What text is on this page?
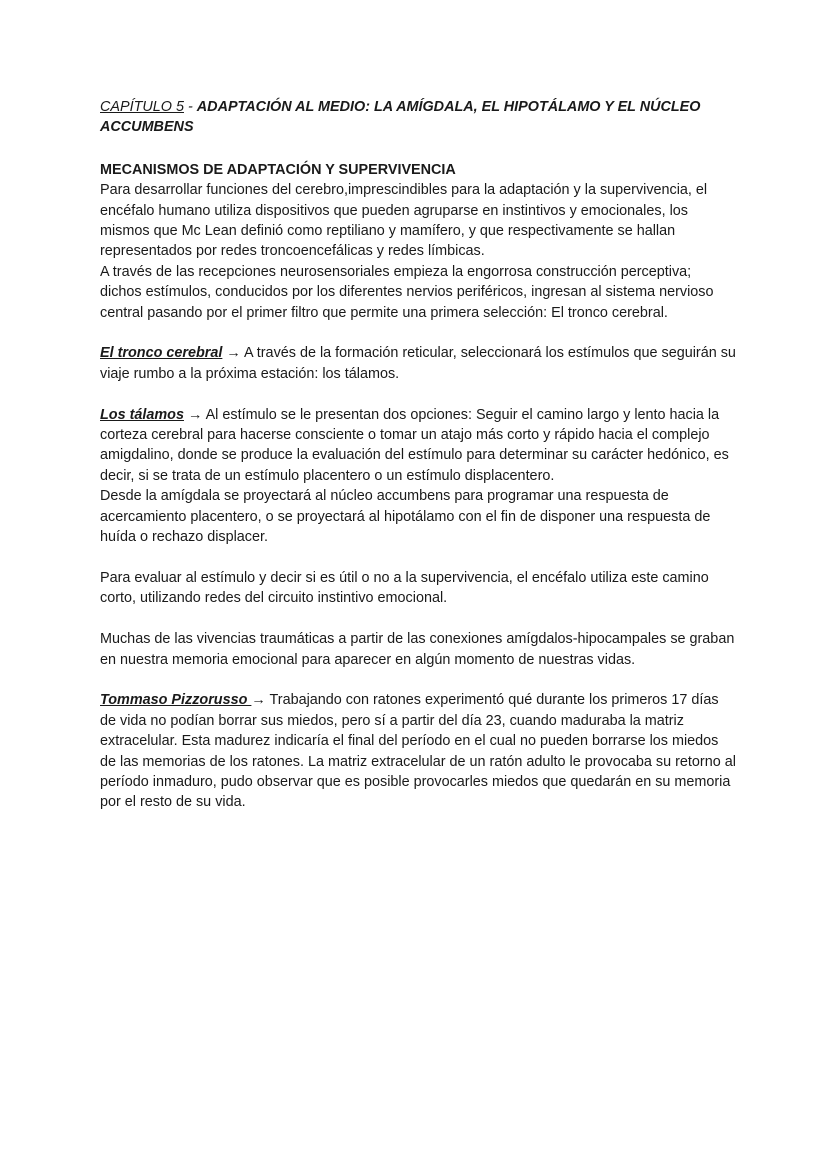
CAPÍTULO 5 - ADAPTACIÓN AL MEDIO: LA AMÍGDALA, EL HIPOTÁLAMO Y EL NÚCLEO ACCUMBENS
MECANISMOS DE ADAPTACIÓN Y SUPERVIVENCIA

Para desarrollar funciones del cerebro,imprescindibles para la adaptación y la supervivencia, el encéfalo humano utiliza dispositivos que pueden agruparse en instintivos y emocionales, los mismos que Mc Lean definió como reptiliano y mamífero, y que respectivamente se hallan representados por redes troncoencefálicas y redes límbicas.

A través de las recepciones neurosensoriales empieza la engorrosa construcción perceptiva; dichos estímulos, conducidos por los diferentes nervios periféricos, ingresan al sistema nervioso central pasando por el primer filtro que permite una primera selección: El tronco cerebral.

El tronco cerebral → A través de la formación reticular, seleccionará los estímulos que seguirán su viaje rumbo a la próxima estación: los tálamos.

Los tálamos → Al estímulo se le presentan dos opciones: Seguir el camino largo y lento hacia la corteza cerebral para hacerse consciente o tomar un atajo más corto y rápido hacia el complejo amigdalino, donde se produce la evaluación del estímulo para determinar su carácter hedónico, es decir, si se trata de un estímulo placentero o un estímulo displacentero.

Desde la amígdala se proyectará al núcleo accumbens para programar una respuesta de acercamiento placentero, o se proyectará al hipotálamo con el fin de disponer una respuesta de huída o rechazo displacer.

Para evaluar al estímulo y decir si es útil o no a la supervivencia, el encéfalo utiliza este camino corto, utilizando redes del circuito instintivo emocional.

Muchas de las vivencias traumáticas a partir de las conexiones amígdalos-hipocampales se graban en nuestra memoria emocional para aparecer en algún momento de nuestras vidas.

Tommaso Pizzorusso → Trabajando con ratones experimentó qué durante los primeros 17 días de vida no podían borrar sus miedos, pero sí a partir del día 23, cuando maduraba la matriz extracelular. Esta madurez indicaría el final del período en el cual no pueden borrarse los miedos de las memorias de los ratones. La matriz extracelular de un ratón adulto le provocaba su retorno al período inmaduro, pudo observar que es posible provocarles miedos que quedarán en su memoria por el resto de su vida.
